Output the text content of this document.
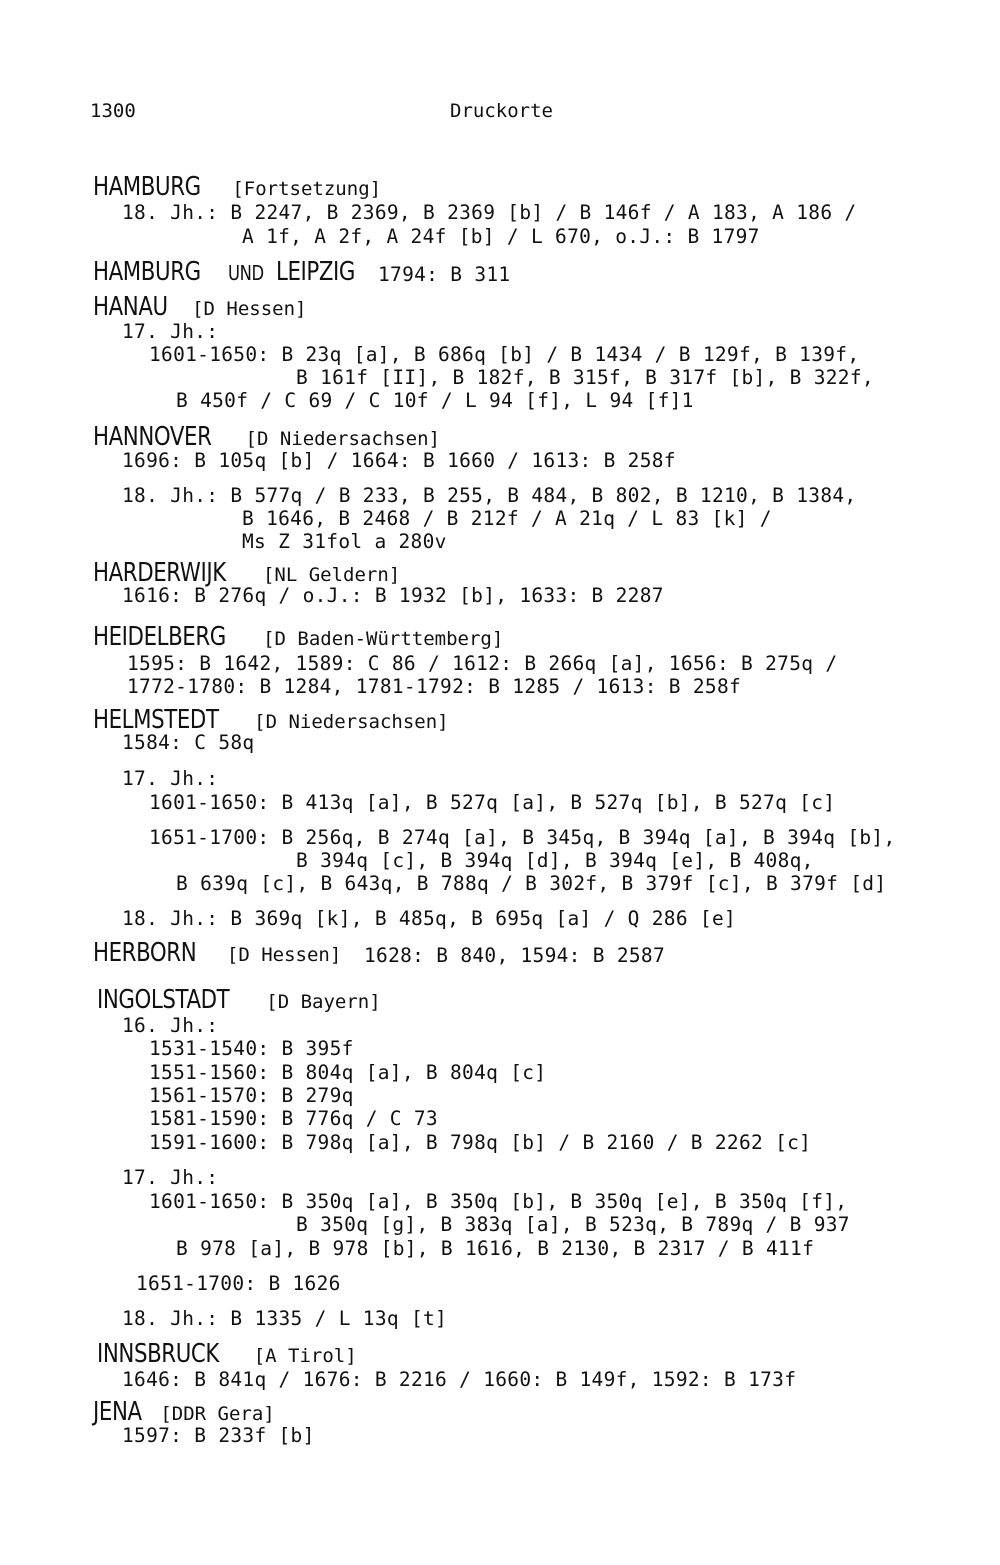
1300	Druckorte
HAMBURG [Fortsetzung]
18. Jh.: B 2247, B 2369, B 2369 [b] / B 146f / A 183, A 186 /
A 1f, A 2f, A 24f [b] / L 670, o.J.: B 1797
HAMBURG UND LEIPZIG	1794: B 311
HANAU [D Hessen]
17. Jh.:
1601-1650: B 23q [a], B 686q [b] / B 1434 / B 129f, B 139f,
B 161f [II], B 182f, B 315f, B 317f [b], B 322f,
B 450f / C 69 / C 10f / L 94 [f], L 94 [f]1
HANNOVER [D Niedersachsen]
1696: B 105q [b] / 1664: B 1660 / 1613: B 258f
18. Jh.: B 577q / B 233, B 255, B 484, B 802, B 1210, B 1384,
B 1646, B 2468 / B 212f / A 21q / L 83 [k] /
Ms Z 31fol a 280v
HARDERWIJK [NL Geldern]
1616: B 276q / o.J.: B 1932 [b], 1633: B 2287
HEIDELBERG [D Baden-Württemberg]
1595: B 1642, 1589: C 86 / 1612: B 266q [a], 1656: B 275q /
1772-1780: B 1284, 1781-1792: B 1285 / 1613: B 258f
HELMSTEDT [D Niedersachsen]
1584: C 58q
17. Jh.:
1601-1650: B 413q [a], B 527q [a], B 527q [b], B 527q [c]
1651-1700: B 256q, B 274q [a], B 345q, B 394q [a], B 394q [b],
B 394q [c], B 394q [d], B 394q [e], B 408q,
B 639q [c], B 643q, B 788q / B 302f, B 379f [c], B 379f [d]
18. Jh.: B 369q [k], B 485q, B 695q [a] / Q 286 [e]
HERBORN [D Hessen] 1628: B 840, 1594: B 2587
INGOLSTADT [D Bayern]
16. Jh.:
1531-1540: B 395f
1551-1560: B 804q [a], B 804q [c]
1561-1570: B 279q
1581-1590: B 776q / C 73
1591-1600: B 798q [a], B 798q [b] / B 2160 / B 2262 [c]
17. Jh.:
1601-1650: B 350q [a], B 350q [b], B 350q [e], B 350q [f],
B 350q [g], B 383q [a], B 523q, B 789q / B 937
B 978 [a], B 978 [b], B 1616, B 2130, B 2317 / B 411f
1651-1700: B 1626
18. Jh.: B 1335 / L 13q [t]
INNSBRUCK [A Tirol]
1646: B 841q / 1676: B 2216 / 1660: B 149f, 1592: B 173f
JENA [DDR Gera]
1597: B 233f [b]
